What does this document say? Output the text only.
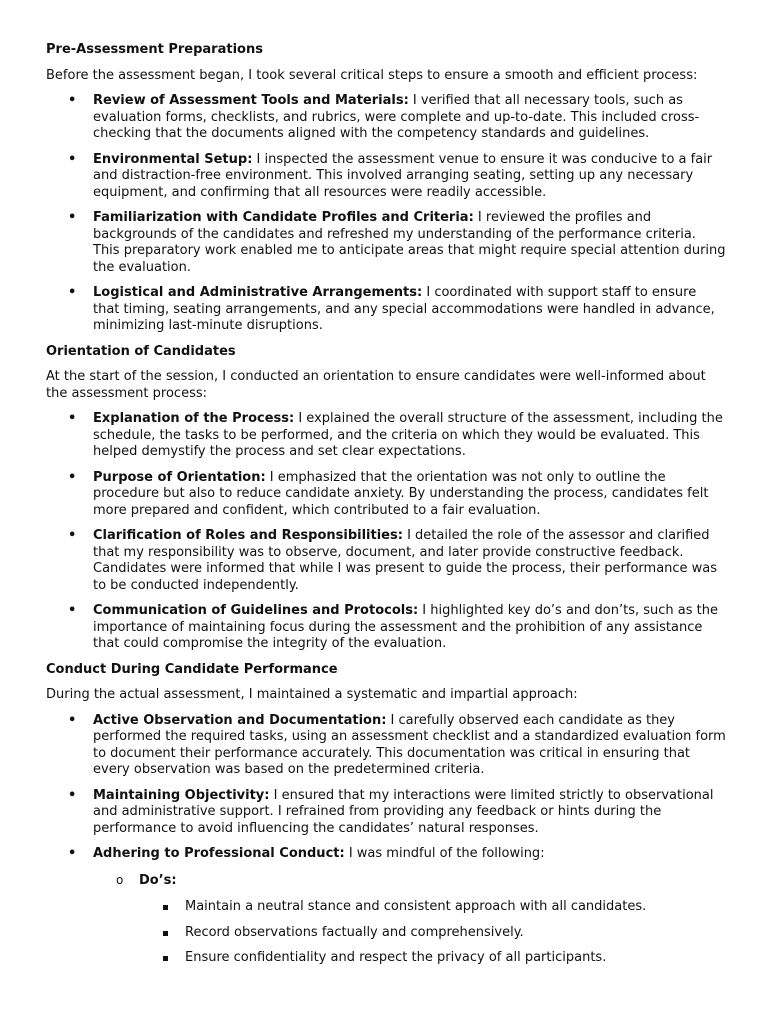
Pre-Assessment Preparations

Before the assessment began, I took several critical steps to ensure a smooth and efficient process:

• Review of Assessment Tools and Materials: I verified that all necessary tools, such as evaluation forms, checklists, and rubrics, were complete and up-to-date. This included cross-checking that the documents aligned with the competency standards and guidelines.
• Environmental Setup: I inspected the assessment venue to ensure it was conducive to a fair and distraction-free environment. This involved arranging seating, setting up any necessary equipment, and confirming that all resources were readily accessible.
• Familiarization with Candidate Profiles and Criteria: I reviewed the profiles and backgrounds of the candidates and refreshed my understanding of the performance criteria. This preparatory work enabled me to anticipate areas that might require special attention during the evaluation.
• Logistical and Administrative Arrangements: I coordinated with support staff to ensure that timing, seating arrangements, and any special accommodations were handled in advance, minimizing last-minute disruptions.
Orientation of Candidates

At the start of the session, I conducted an orientation to ensure candidates were well-informed about the assessment process:

• Explanation of the Process: I explained the overall structure of the assessment, including the schedule, the tasks to be performed, and the criteria on which they would be evaluated. This helped demystify the process and set clear expectations.
• Purpose of Orientation: I emphasized that the orientation was not only to outline the procedure but also to reduce candidate anxiety. By understanding the process, candidates felt more prepared and confident, which contributed to a fair evaluation.
• Clarification of Roles and Responsibilities: I detailed the role of the assessor and clarified that my responsibility was to observe, document, and later provide constructive feedback. Candidates were informed that while I was present to guide the process, their performance was to be conducted independently.
• Communication of Guidelines and Protocols: I highlighted key do’s and don’ts, such as the importance of maintaining focus during the assessment and the prohibition of any assistance that could compromise the integrity of the evaluation.
Conduct During Candidate Performance

During the actual assessment, I maintained a systematic and impartial approach:

• Active Observation and Documentation: I carefully observed each candidate as they performed the required tasks, using an assessment checklist and a standardized evaluation form to document their performance accurately. This documentation was critical in ensuring that every observation was based on the predetermined criteria.
• Maintaining Objectivity: I ensured that my interactions were limited strictly to observational and administrative support. I refrained from providing any feedback or hints during the performance to avoid influencing the candidates’ natural responses.
• Adhering to Professional Conduct: I was mindful of the following:
o Do’s:
Maintain a neutral stance and consistent approach with all candidates.
Record observations factually and comprehensively.
Ensure confidentiality and respect the privacy of all participants.
